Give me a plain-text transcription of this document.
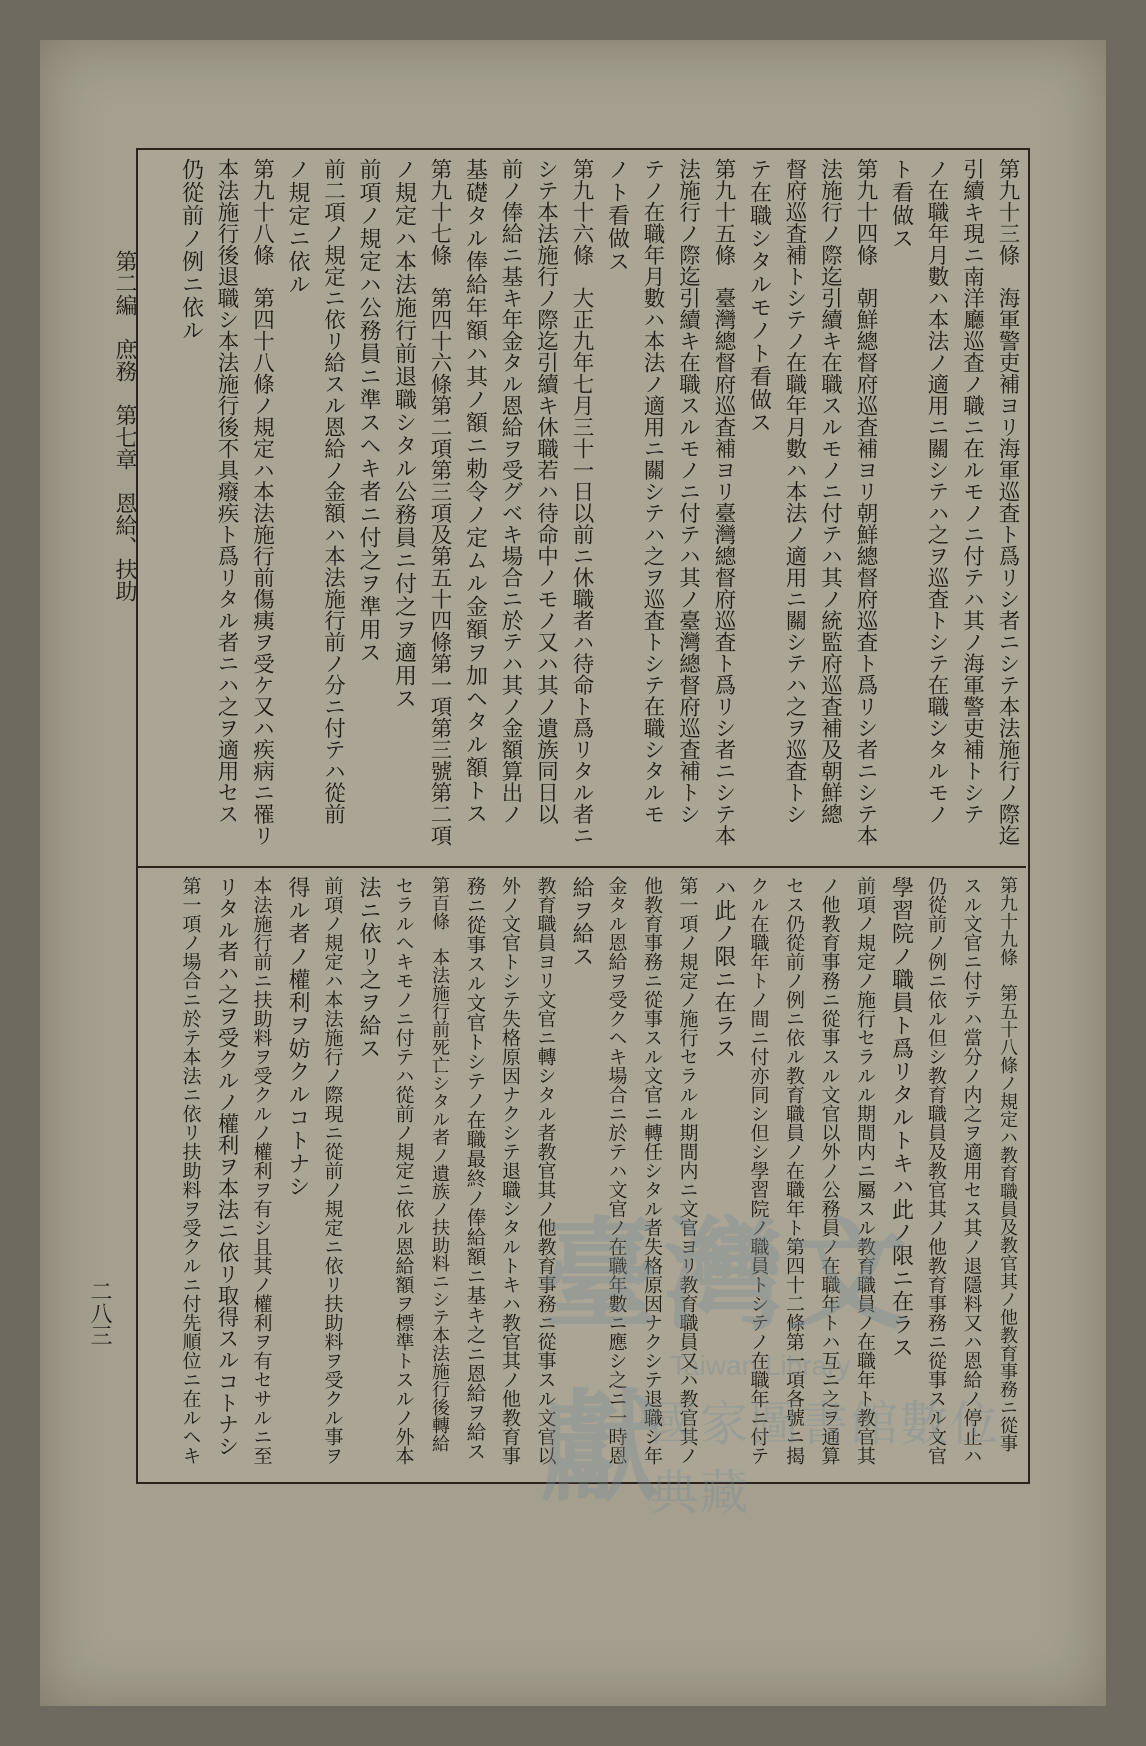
第二編　庶務　第七章　恩給、扶助
二八三
第九十三條　海軍警吏補ヨリ海軍巡査ト爲リシ者ニシテ本法施行ノ際迄
引續キ現ニ南洋廳巡査ノ職ニ在ルモノニ付テハ其ノ海軍警吏補トシテ
ノ在職年月數ハ本法ノ適用ニ關シテハ之ヲ巡査トシテ在職シタルモノ
ト看做ス
第九十四條　朝鮮總督府巡査補ヨリ朝鮮總督府巡査ト爲リシ者ニシテ本
法施行ノ際迄引續キ在職スルモノニ付テハ其ノ統監府巡査補及朝鮮總
督府巡査補トシテノ在職年月數ハ本法ノ適用ニ關シテハ之ヲ巡査トシ
テ在職シタルモノト看做ス
第九十五條　臺灣總督府巡査補ヨリ臺灣總督府巡査ト爲リシ者ニシテ本
法施行ノ際迄引續キ在職スルモノニ付テハ其ノ臺灣總督府巡査補トシ
テノ在職年月數ハ本法ノ適用ニ關シテハ之ヲ巡査トシテ在職シタルモ
ノト看做ス
第九十六條　大正九年七月三十一日以前ニ休職者ハ待命ト爲リタル者ニ
シテ本法施行ノ際迄引續キ休職若ハ待命中ノモノ又ハ其ノ遺族同日以
前ノ俸給ニ基キ年金タル恩給ヲ受グベキ場合ニ於テハ其ノ金額算出ノ
基礎タル俸給年額ハ其ノ額ニ勅令ノ定ムル金額ヲ加ヘタル額トス
第九十七條　第四十六條第二項第三項及第五十四條第一項第三號第二項
ノ規定ハ本法施行前退職シタル公務員ニ付之ヲ適用ス
前項ノ規定ハ公務員ニ準スヘキ者ニ付之ヲ準用ス
前二項ノ規定ニ依リ給スル恩給ノ金額ハ本法施行前ノ分ニ付テハ從前
ノ規定ニ依ル
第九十八條　第四十八條ノ規定ハ本法施行前傷痍ヲ受ケ又ハ疾病ニ罹リ
本法施行後退職シ本法施行後不具癈疾ト爲リタル者ニハ之ヲ適用セス
仍從前ノ例ニ依ル
第九十九條　第五十八條ノ規定ハ教育職員及教官其ノ他教育事務ニ從事
スル文官ニ付テハ當分ノ内之ヲ適用セス其ノ退隱料又ハ恩給ノ停止ハ
仍從前ノ例ニ依ル但シ教育職員及教官其ノ他教育事務ニ從事スル文官
學習院ノ職員ト爲リタルトキハ此ノ限ニ在ラス
前項ノ規定ノ施行セラルル期間内ニ屬スル教育職員ノ在職年ト教官其
ノ他教育事務ニ從事スル文官以外ノ公務員ノ在職年トハ互ニ之ヲ通算
セス仍從前ノ例ニ依ル教育職員ノ在職年ト第四十二條第一項各號ニ揭
クル在職年トノ間ニ付亦同シ但シ學習院ノ職員トシテノ在職年ニ付テ
ハ此ノ限ニ在ラス
第一項ノ規定ノ施行セラルル期間内ニ文官ヨリ教育職員又ハ教官其ノ
他教育事務ニ從事スル文官ニ轉任シタル者失格原因ナクシテ退職シ年
金タル恩給ヲ受クヘキ場合ニ於テハ文官ノ在職年數ニ應シ之ニ一時恩
給ヲ給ス
教育職員ヨリ文官ニ轉シタル者教官其ノ他教育事務ニ從事スル文官以
外ノ文官トシテ失格原因ナクシテ退職シタルトキハ教官其ノ他教育事
務ニ從事スル文官トシテノ在職最終ノ俸給額ニ基キ之ニ恩給ヲ給ス
第百條　本法施行前死亡シタル者ノ遺族ノ扶助料ニシテ本法施行後轉給
セラルヘキモノニ付テハ從前ノ規定ニ依ル恩給額ヲ標準トスルノ外本
法ニ依リ之ヲ給ス
前項ノ規定ハ本法施行ノ際現ニ從前ノ規定ニ依リ扶助料ヲ受クル事ヲ
得ル者ノ權利ヲ妨クルコトナシ
本法施行前ニ扶助料ヲ受クルノ權利ヲ有シ且其ノ權利ヲ有セサルニ至
リタル者ハ之ヲ受クルノ權利ヲ本法ニ依リ取得スルコトナシ
第一項ノ場合ニ於テ本法ニ依リ扶助料ヲ受クルニ付先順位ニ在ルヘキ	臺灣文獻
Taiwan Library
國家圖書館數位典藏
